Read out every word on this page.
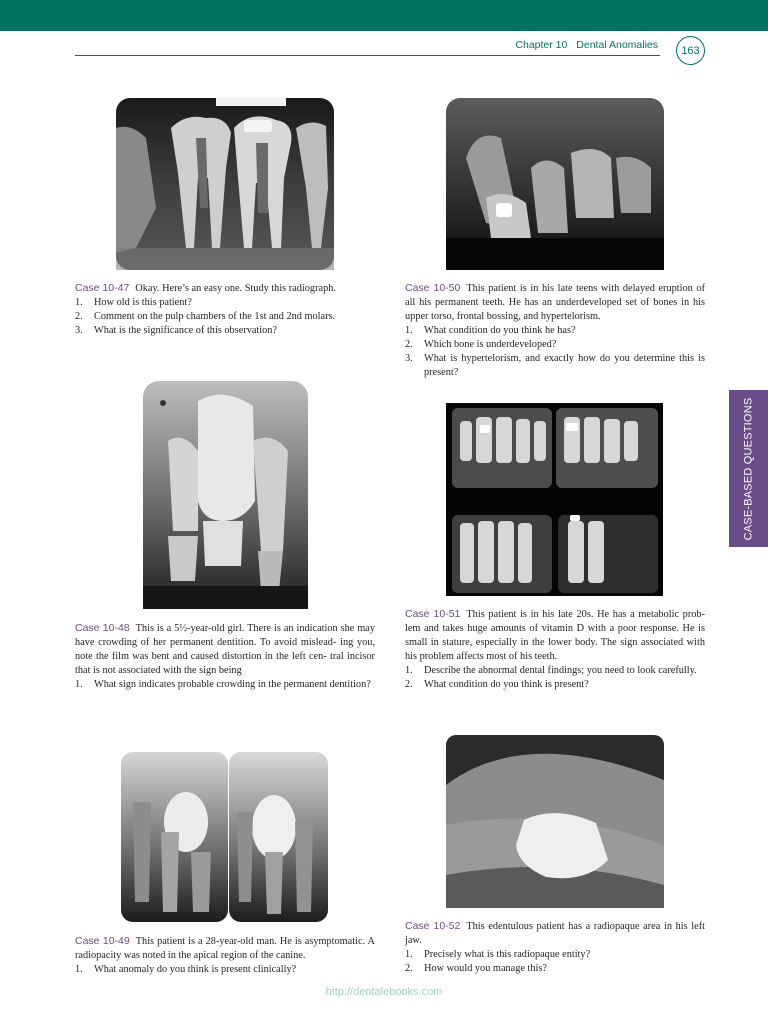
Chapter 10 Dental Anomalies 163
CASE-BASED QUESTIONS

Case 10-47 Okay. Here’s an easy one. Study this radiograph.

1. How old is this patient?
2. Comment on the pulp chambers of the 1st and 2nd molars.
3. What is the significance of this observation?

Case 10-50 This patient is in his late teens with delayed eruption of all his permanent teeth. He has an underdeveloped set of bones in his upper torso, frontal bossing, and hypertelorism.

1. What condition do you think he has?
2. Which bone is underdeveloped?
3. What is hypertelorism, and exactly how do you determine this is present?

Case 10-48 This is a 5½-year-old girl. There is an indication she may have crowding of her permanent dentition. To avoid mislead- ing you, note the film was bent and caused distortion in the left cen- tral incisor that is not associated with the sign being

1. What sign indicates probable crowding in the permanent dentition?

Case 10-51 This patient is in his late 20s. He has a metabolic prob- lem and takes huge amounts of vitamin D with a poor response. He is small in stature, especially in the lower body. The sign associated with his problem affects most of his teeth.

1. Describe the abnormal dental findings; you need to look carefully.
2. What condition do you think is present?

Case 10-49 This patient is a 28-year-old man. He is asymptomatic. A radiopacity was noted in the apical region of the canine.

1. What anomaly do you think is present clinically?

Case 10-52 This edentulous patient has a radiopaque area in his left jaw.

1. Precisely what is this radiopaque entity?
2. How would you manage this?
http://dentalebooks.com
